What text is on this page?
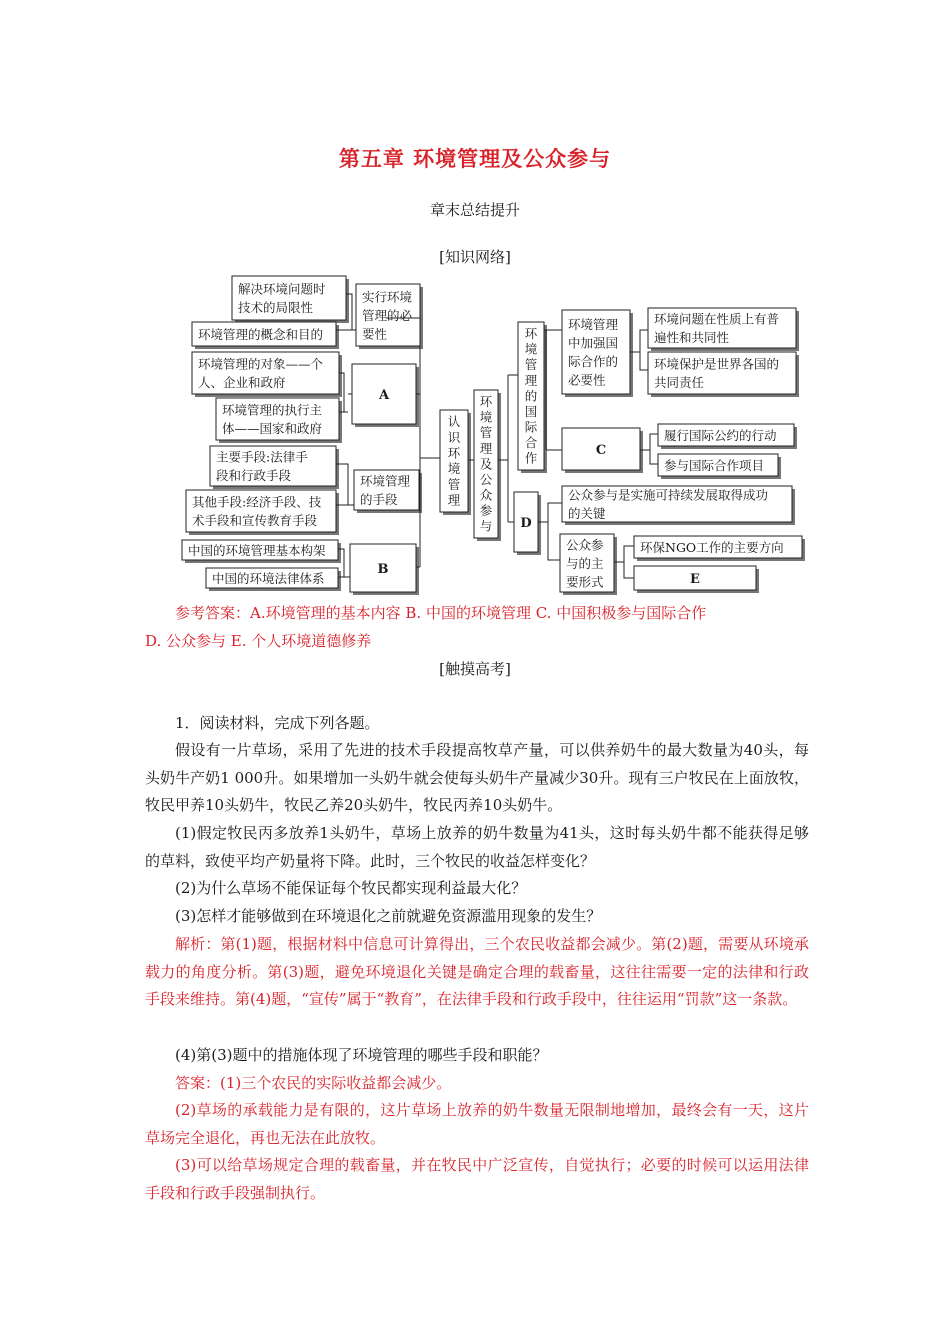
第五章 环境管理及公众参与
章末总结提升
[知识网络]
解决环境问题时
技术的局限性
环境管理的概念和目的
实行环境
管理的必
要性
环境管理的对象——个
人、企业和政府
环境管理的执行主
体——国家和政府
A
主要手段:法律手
段和行政手段
其他手段:经济手段、技
术手段和宣传教育手段
环境管理
的手段
中国的环境管理基本构架
中国的环境法律体系
B
认
识
环
境
管
理
环
境
管
理
及
公
众
参
与
环
境
管
理
的
国
际
合
作
环境管理
中加强国
际合作的
必要性
环境问题在性质上有普
遍性和共同性
环境保护是世界各国的
共同责任
C
履行国际公约的行动
参与国际合作项目
D
公众参与是实施可持续发展取得成功
的关键
公众参
与的主
要形式
环保NGO工作的主要方向
E
参考答案：A.环境管理的基本内容 B. 中国的环境管理 C. 中国积极参与国际合作

D. 公众参与 E. 个人环境道德修养
[触摸高考]
1．阅读材料，完成下列各题。
假设有一片草场，采用了先进的技术手段提高牧草产量，可以供养奶牛的最大数量为40头，每头奶牛产奶1 000升。如果增加一头奶牛就会使每头奶牛产量减少30升。现有三户牧民在上面放牧，牧民甲养10头奶牛，牧民乙养20头奶牛，牧民丙养10头奶牛。
(1)假定牧民丙多放养1头奶牛，草场上放养的奶牛数量为41头，这时每头奶牛都不能获得足够的草料，致使平均产奶量将下降。此时，三个牧民的收益怎样变化？
(2)为什么草场不能保证每个牧民都实现利益最大化？
(3)怎样才能够做到在环境退化之前就避免资源滥用现象的发生？
解析：第(1)题，根据材料中信息可计算得出，三个农民收益都会减少。第(2)题，需要从环境承载力的角度分析。第(3)题，避免环境退化关键是确定合理的载畜量，这往往需要一定的法律和行政手段来维持。第(4)题，“宣传”属于“教育”，在法律手段和行政手段中，往往运用“罚款”这一条款。
(4)第(3)题中的措施体现了环境管理的哪些手段和职能？
答案：(1)三个农民的实际收益都会减少。
(2)草场的承载能力是有限的，这片草场上放养的奶牛数量无限制地增加，最终会有一天，这片草场完全退化，再也无法在此放牧。
(3)可以给草场规定合理的载畜量，并在牧民中广泛宣传，自觉执行；必要的时候可以运用法律手段和行政手段强制执行。
